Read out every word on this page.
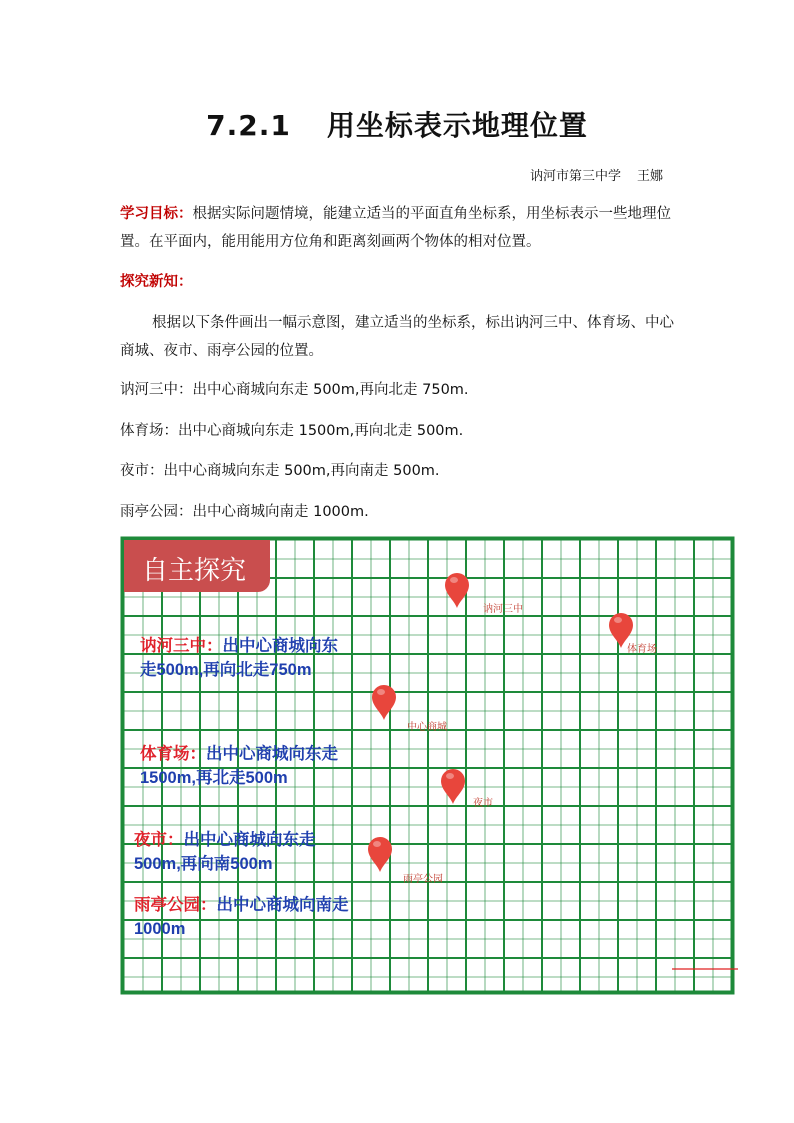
7.2.1 用坐标表示地理位置
讷河市第三中学 王娜
学习目标：根据实际问题情境，能建立适当的平面直角坐标系，用坐标表示一些地理位置。在平面内，能用能用方位角和距离刻画两个物体的相对位置。
探究新知：
根据以下条件画出一幅示意图，建立适当的坐标系，标出讷河三中、体育场、中心商城、夜市、雨亭公园的位置。
讷河三中：出中心商城向东走 500m,再向北走 750m.
体育场：出中心商城向东走 1500m,再向北走 500m.
夜市：出中心商城向东走 500m,再向南走 500m.
雨亭公园：出中心商城向南走 1000m.
自主探究
讷河三中
体育场
中心商城
夜市
雨亭公园
讷河三中：出中心商城向东
走500m,再向北走750m
体育场：出中心商城向东走
1500m,再北走500m
夜市：出中心商城向东走
500m,再向南500m
雨亭公园：出中心商城向南走
1000m
